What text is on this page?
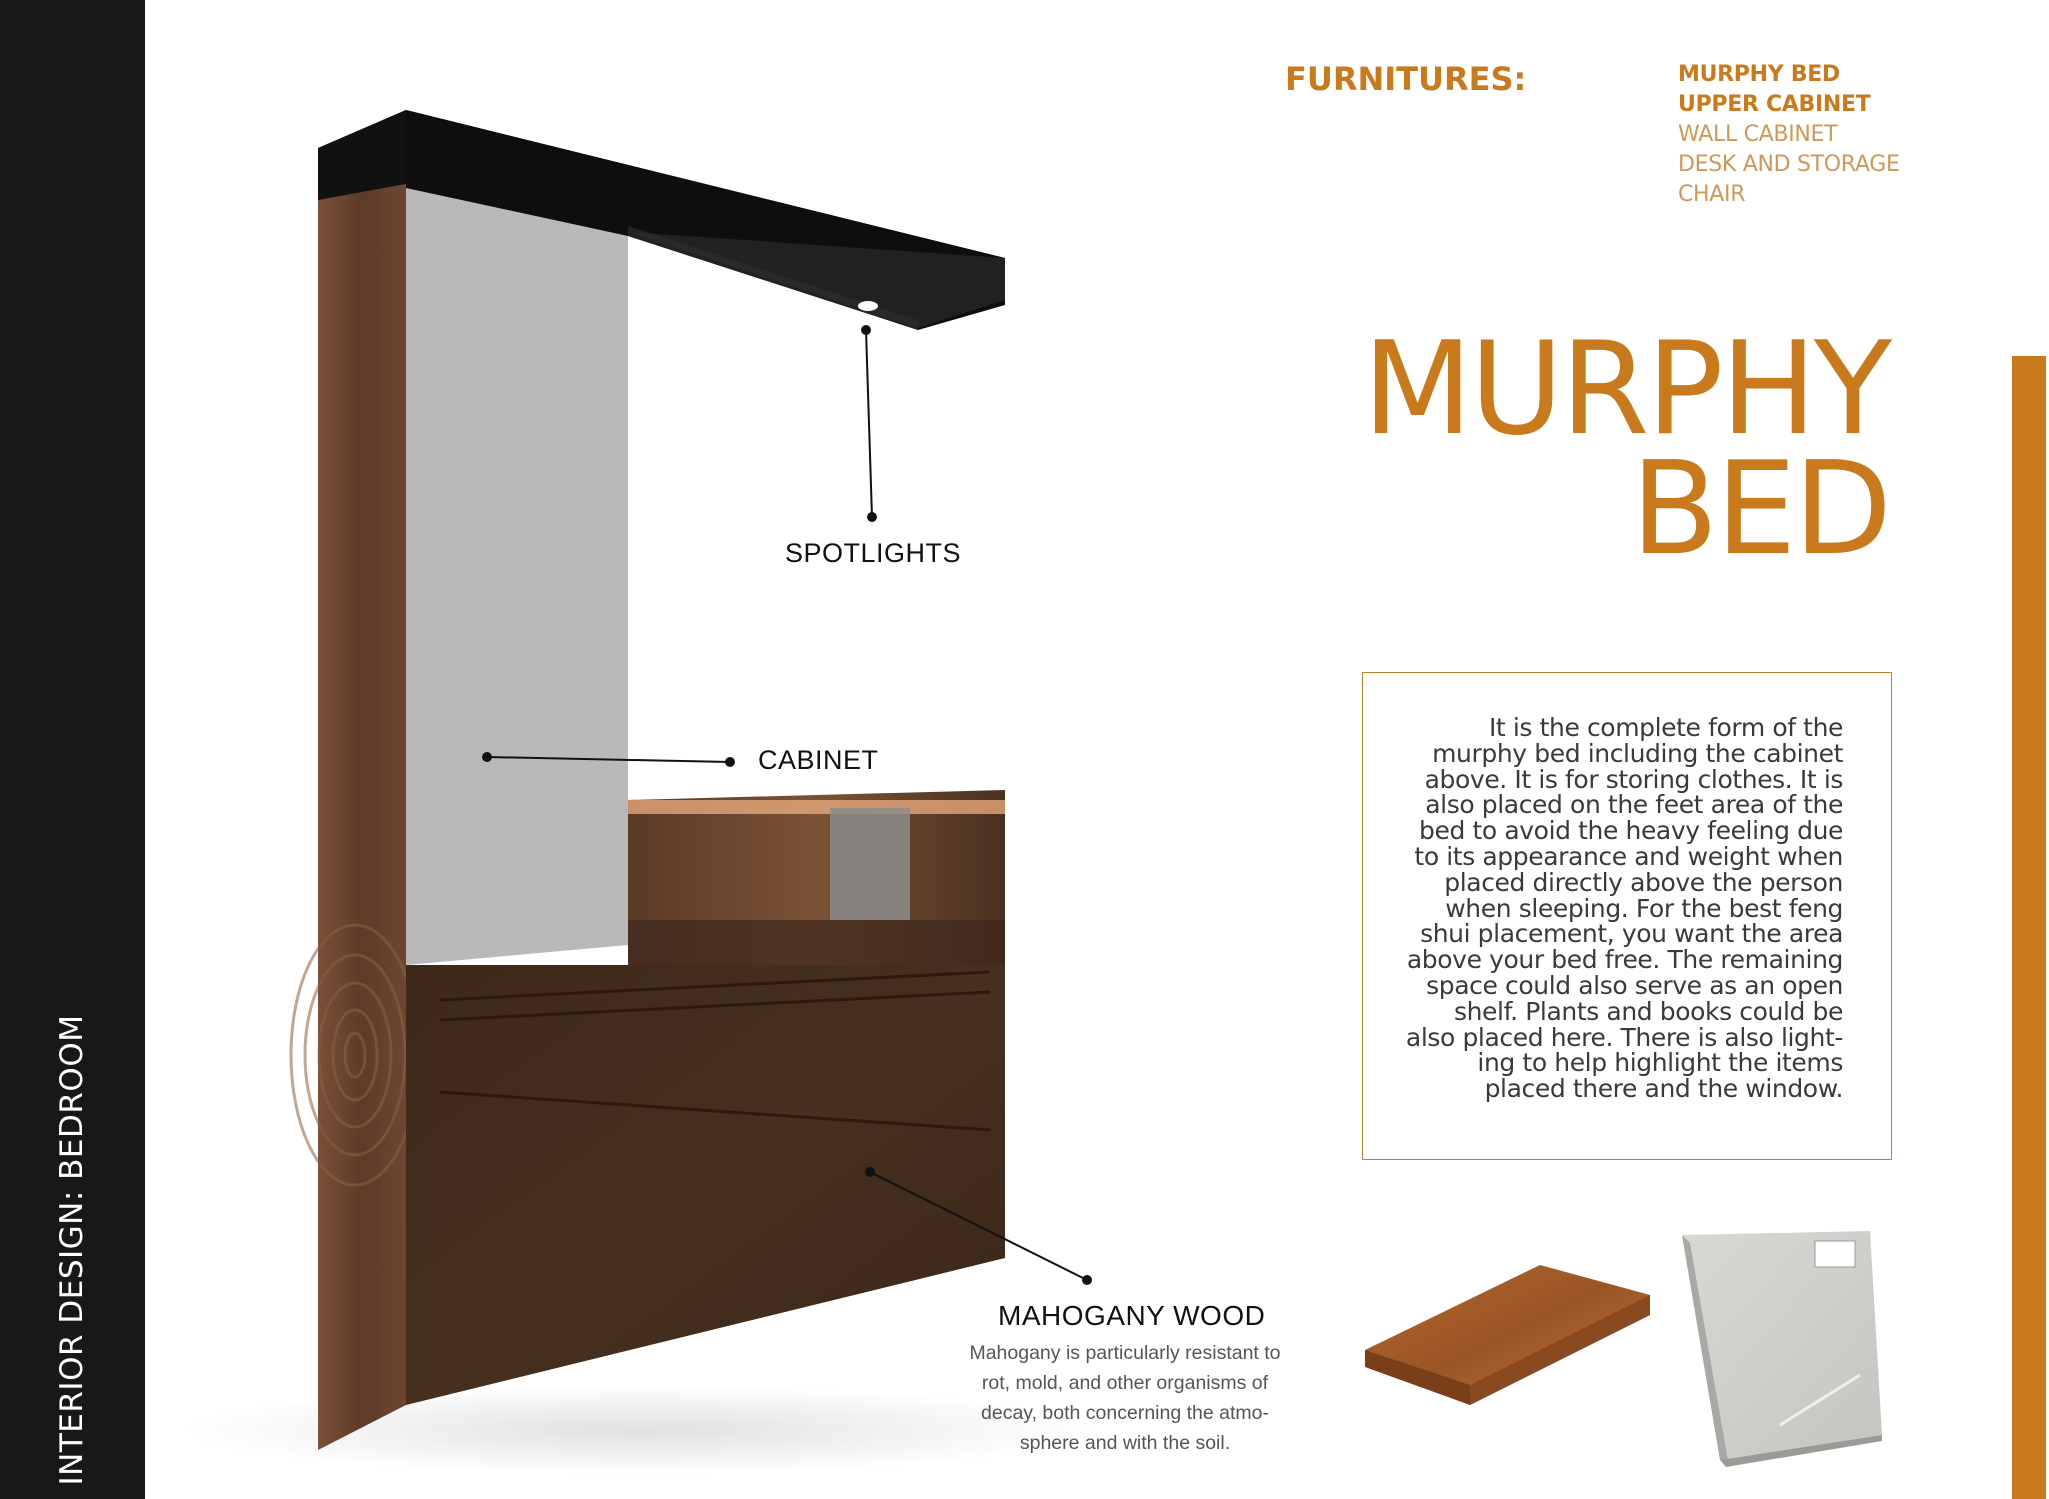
INTERIOR DESIGN: BEDROOM
SPOTLIGHTS
CABINET
MAHOGANY WOOD
Mahogany is particularly resistant to rot, mold, and other organisms of decay, both concerning the atmo-sphere and with the soil.
FURNITURES:	MURPHY BED
UPPER CABINET
WALL CABINET
DESK AND STORAGE
CHAIR
MURPHY
BED

It is the complete form of the
murphy bed including the cabinet
above. It is for storing clothes. It is
also placed on the feet area of the
bed to avoid the heavy feeling due
to its appearance and weight when
placed directly above the person
when sleeping. For the best feng
shui placement, you want the area
above your bed free. The remaining
space could also serve as an open
shelf. Plants and books could be
also placed here. There is also light-
ing to help highlight the items
placed there and the window.
